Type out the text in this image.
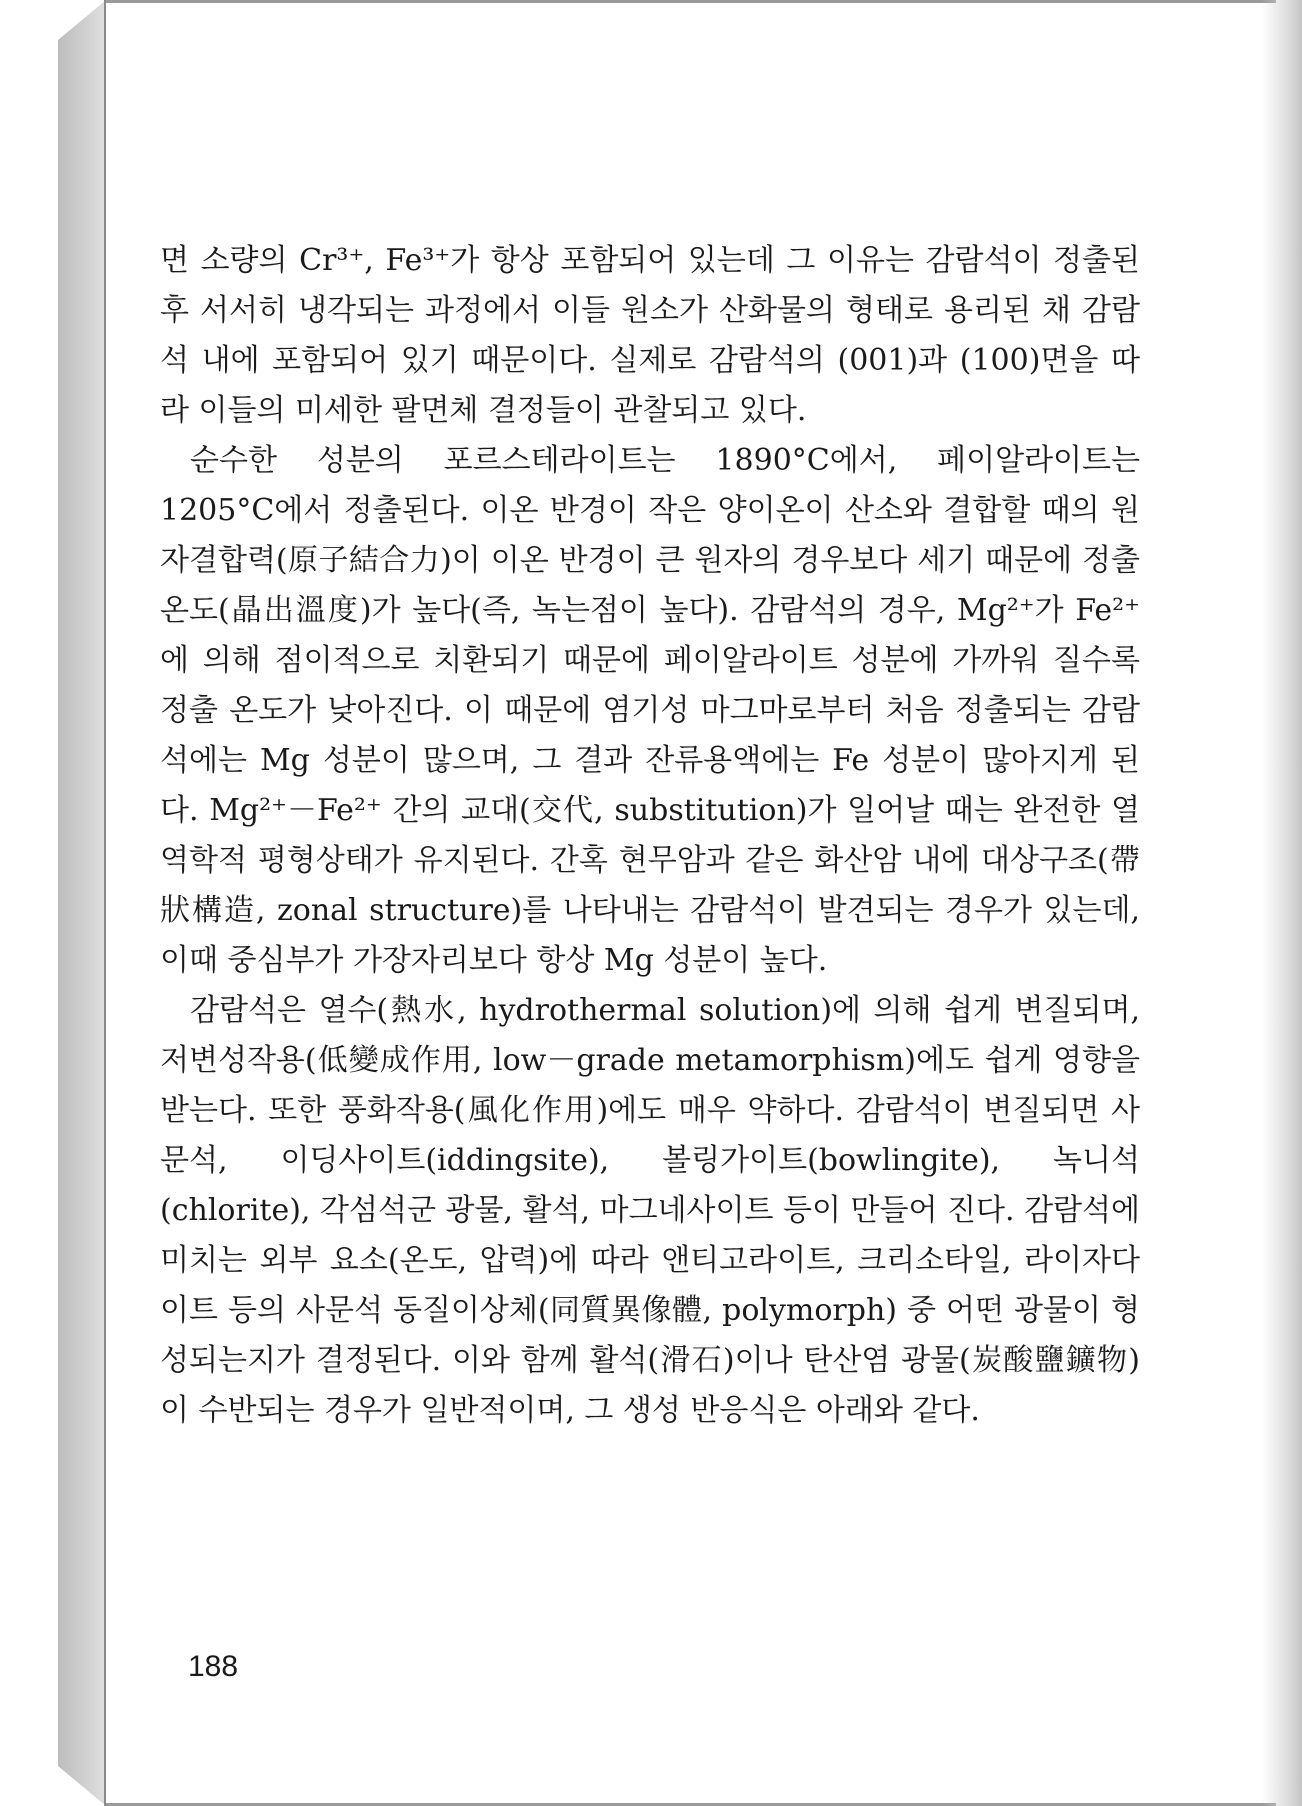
면 소량의 Cr³⁺, Fe³⁺가 항상 포함되어 있는데 그 이유는 감람석이 정출된 후 서서히 냉각되는 과정에서 이들 원소가 산화물의 형태로 용리된 채 감람석 내에 포함되어 있기 때문이다. 실제로 감람석의 (001)과 (100)면을 따라 이들의 미세한 팔면체 결정들이 관찰되고 있다.

순수한 성분의 포르스테라이트는 1890°C에서, 페이알라이트는 1205°C에서 정출된다. 이온 반경이 작은 양이온이 산소와 결합할 때의 원자결합력(原子結合力)이 이온 반경이 큰 원자의 경우보다 세기 때문에 정출온도(晶出溫度)가 높다(즉, 녹는점이 높다). 감람석의 경우, Mg²⁺가 Fe²⁺에 의해 점이적으로 치환되기 때문에 페이알라이트 성분에 가까워 질수록 정출 온도가 낮아진다. 이 때문에 염기성 마그마로부터 처음 정출되는 감람석에는 Mg 성분이 많으며, 그 결과 잔류용액에는 Fe 성분이 많아지게 된다. Mg²⁺－Fe²⁺ 간의 교대(交代, substitution)가 일어날 때는 완전한 열역학적 평형상태가 유지된다. 간혹 현무암과 같은 화산암 내에 대상구조(帶狀構造, zonal structure)를 나타내는 감람석이 발견되는 경우가 있는데, 이때 중심부가 가장자리보다 항상 Mg 성분이 높다.

감람석은 열수(熱水, hydrothermal solution)에 의해 쉽게 변질되며, 저변성작용(低變成作用, low－grade metamorphism)에도 쉽게 영향을 받는다. 또한 풍화작용(風化作用)에도 매우 약하다. 감람석이 변질되면 사문석, 이딩사이트(iddingsite), 볼링가이트(bowlingite), 녹니석(chlorite), 각섬석군 광물, 활석, 마그네사이트 등이 만들어 진다. 감람석에 미치는 외부 요소(온도, 압력)에 따라 앤티고라이트, 크리소타일, 라이자다이트 등의 사문석 동질이상체(同質異像體, polymorph) 중 어떤 광물이 형성되는지가 결정된다. 이와 함께 활석(滑石)이나 탄산염 광물(炭酸鹽鑛物)이 수반되는 경우가 일반적이며, 그 생성 반응식은 아래와 같다.

188
